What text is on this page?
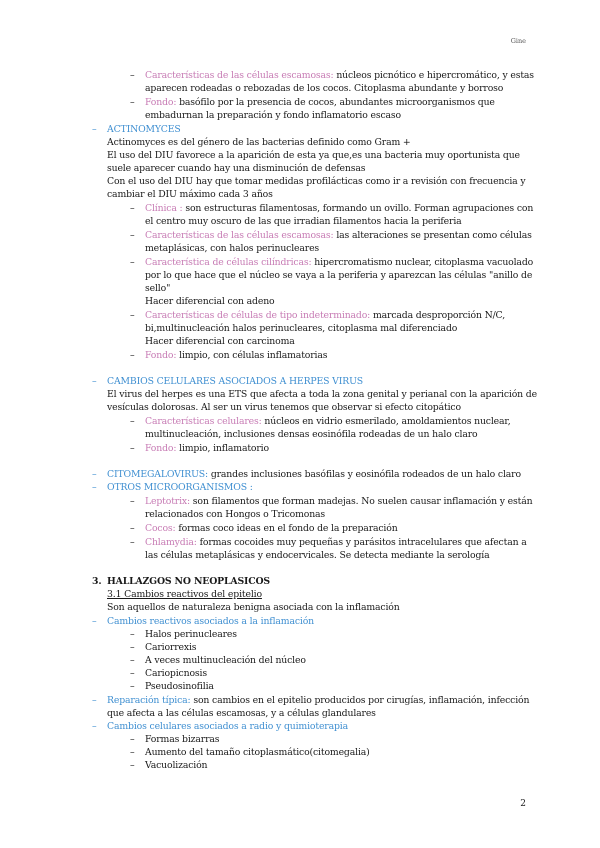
Gine
– Características de las células escamosas: núcleos picnótico e hipercromático, y estas
aparecen rodeadas o rebozadas de los cocos. Citoplasma abundante y borroso
– Fondo: basófilo por la presencia de cocos, abundantes microorganismos que
embadurnan la preparación y fondo inflamatorio escaso
– ACTINOMYCES
Actinomyces es del género de las bacterias definido como Gram +
El uso del DIU favorece a la aparición de esta ya que,es una bacteria muy oportunista que
suele aparecer cuando hay una disminución de defensas
Con el uso del DIU hay que tomar medidas profilácticas como ir a revisión con frecuencia y
cambiar el DIU máximo cada 3 años
– Clínica : son estructuras filamentosas, formando un ovillo. Forman agrupaciones con
el centro muy oscuro de las que irradian filamentos hacia la periferia
– Características de las células escamosas: las alteraciones se presentan como células
metaplásicas, con halos perinucleares
– Característica de células cilíndricas: hipercromatismo nuclear, citoplasma vacuolado
por lo que hace que el núcleo se vaya a la periferia y aparezcan las células "anillo de
sello"
Hacer diferencial con adeno
– Características de células de tipo indeterminado: marcada desproporción N/C,
bi,multinucleación halos perinucleares, citoplasma mal diferenciado
Hacer diferencial con carcinoma
– Fondo: limpio, con células inflamatorias
– CAMBIOS CELULARES ASOCIADOS A HERPES VIRUS
El virus del herpes es una ETS que afecta a toda la zona genital y perianal con la aparición de
vesículas dolorosas. Al ser un virus tenemos que observar si efecto citopático
– Características celulares: núcleos en vidrio esmerilado, amoldamientos nuclear,
multinucleación, inclusiones densas eosinófila rodeadas de un halo claro
– Fondo: limpio, inflamatorio
– CITOMEGALOVIRUS: grandes inclusiones basófilas y eosinófila rodeados de un halo claro
– OTROS MICROORGANISMOS :
– Leptotrix: son filamentos que forman madejas. No suelen causar inflamación y están
relacionados con Hongos o Tricomonas
– Cocos: formas coco ideas en el fondo de la preparación
– Chlamydia: formas cocoides muy pequeñas y parásitos intracelulares que afectan a
las células metaplásicas y endocervicales. Se detecta mediante la serología
3. HALLAZGOS NO NEOPLASICOS
3.1 Cambios reactivos del epitelio
Son aquellos de naturaleza benigna asociada con la inflamación
– Cambios reactivos asociados a la inflamación
– Halos perinucleares
– Cariorrexis
– A veces multinucleación del núcleo
– Cariopicnosis
– Pseudosinofilia
– Reparación típica: son cambios en el epitelio producidos por cirugías, inflamación, infección
que afecta a las células escamosas, y a células glandulares
– Cambios celulares asociados a radio y quimioterapia
– Formas bizarras
– Aumento del tamaño citoplasmático(citomegalia)
– Vacuolización
2
